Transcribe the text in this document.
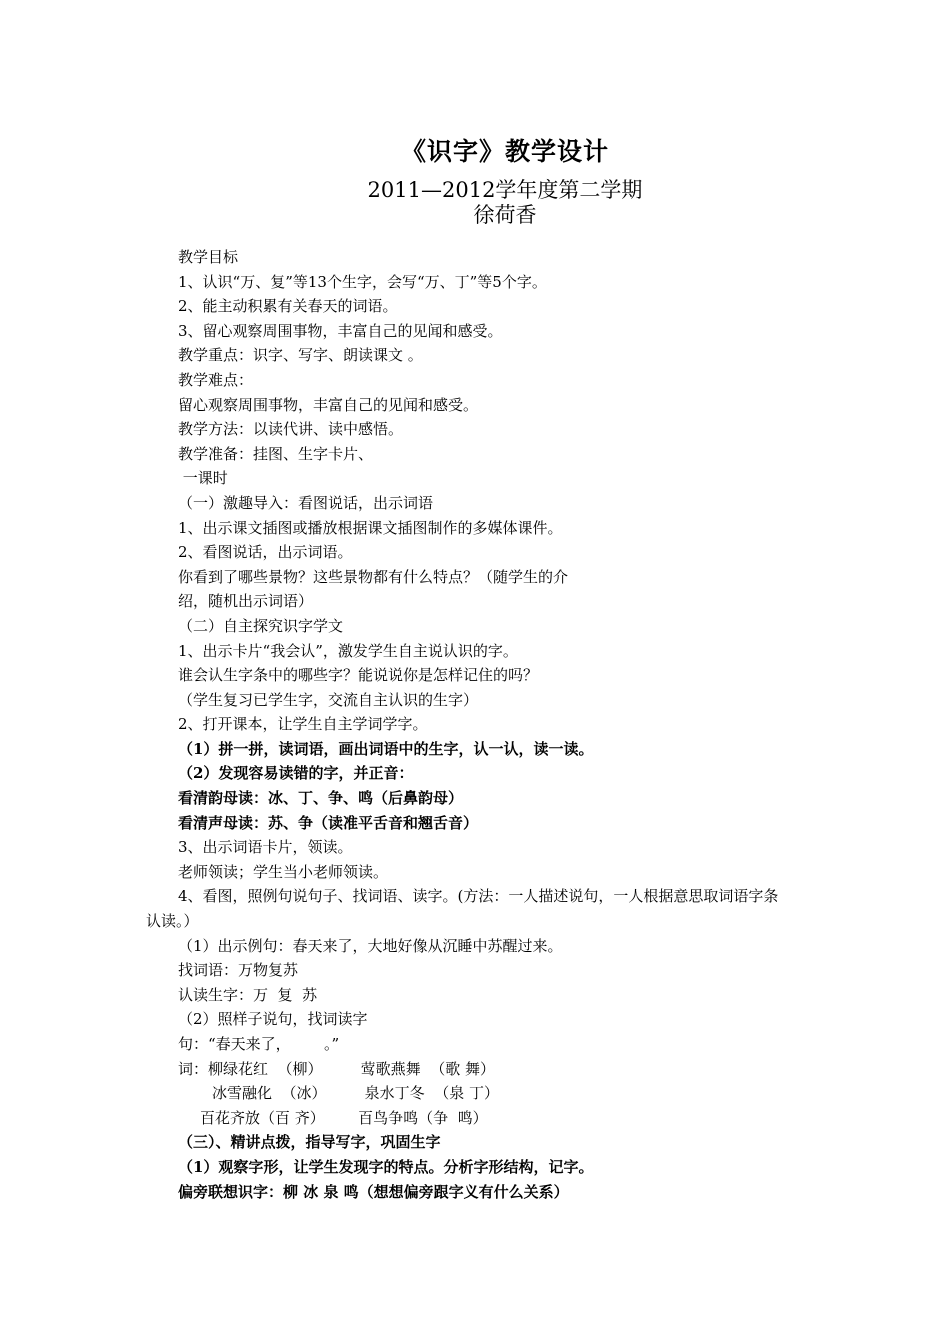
《识字》教学设计
2011—2012学年度第二学期
徐荷香
教学目标
1、认识“万、复”等13个生字，会写“万、丁”等5个字。
2、能主动积累有关春天的词语。
3、留心观察周围事物，丰富自己的见闻和感受。
教学重点：识字、写字、朗读课文 。
教学难点：
留心观察周围事物，丰富自己的见闻和感受。
教学方法：以读代讲、读中感悟。
教学准备：挂图、生字卡片、
一课时
（一）激趣导入：看图说话，出示词语
1、出示课文插图或播放根据课文插图制作的多媒体课件。
2、看图说话，出示词语。
你看到了哪些景物？这些景物都有什么特点？（随学生的介
绍，随机出示词语）
（二）自主探究识字学文
1、出示卡片“我会认”，激发学生自主说认识的字。
谁会认生字条中的哪些字？能说说你是怎样记住的吗？
（学生复习已学生字，交流自主认识的生字）
2、打开课本，让学生自主学词学字。
（1）拼一拼，读词语，画出词语中的生字，认一认，读一读。
（2）发现容易读错的字，并正音：
看清韵母读：冰、丁、争、鸣（后鼻韵母）
看清声母读：苏、争（读准平舌音和翘舌音）
3、出示词语卡片，领读。
老师领读；学生当小老师领读。
4、看图，照例句说句子、找词语、读字。(方法：一人描述说句，一人根据意思取词语字条
认读。）
（1）出示例句：春天来了，大地好像从沉睡中苏醒过来。
找词语：万物复苏
认读生字：万  复  苏
（2）照样子说句，找词读字
句：“春天来了，       。”
词：柳绿花红  （柳）        莺歌燕舞  （歌 舞）
冰雪融化  （冰）        泉水丁冬  （泉 丁）
百花齐放（百 齐）       百鸟争鸣（争  鸣）
（三）、精讲点拨，指导写字，巩固生字
（1）观察字形，让学生发现字的特点。分析字形结构，记字。
偏旁联想识字：柳 冰 泉 鸣（想想偏旁跟字义有什么关系）
